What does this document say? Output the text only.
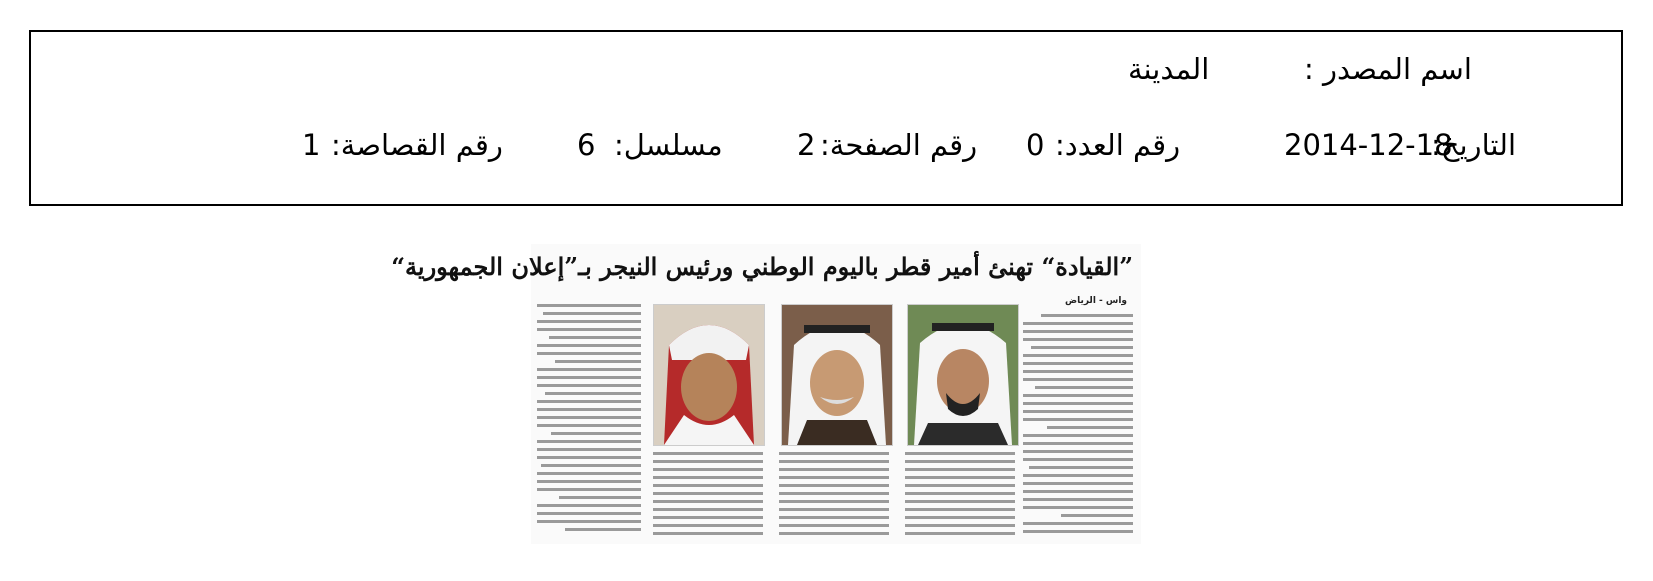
اسم المصدر :
المدينة
التاريخ:
2014-12-18
رقم العدد:
0
رقم الصفحة:
2
مسلسل:
6
رقم القصاصة:
1
”القيادة“ تهنئ أمير قطر باليوم الوطني ورئيس النيجر بـ”إعلان الجمهورية“
واس - الرياض
